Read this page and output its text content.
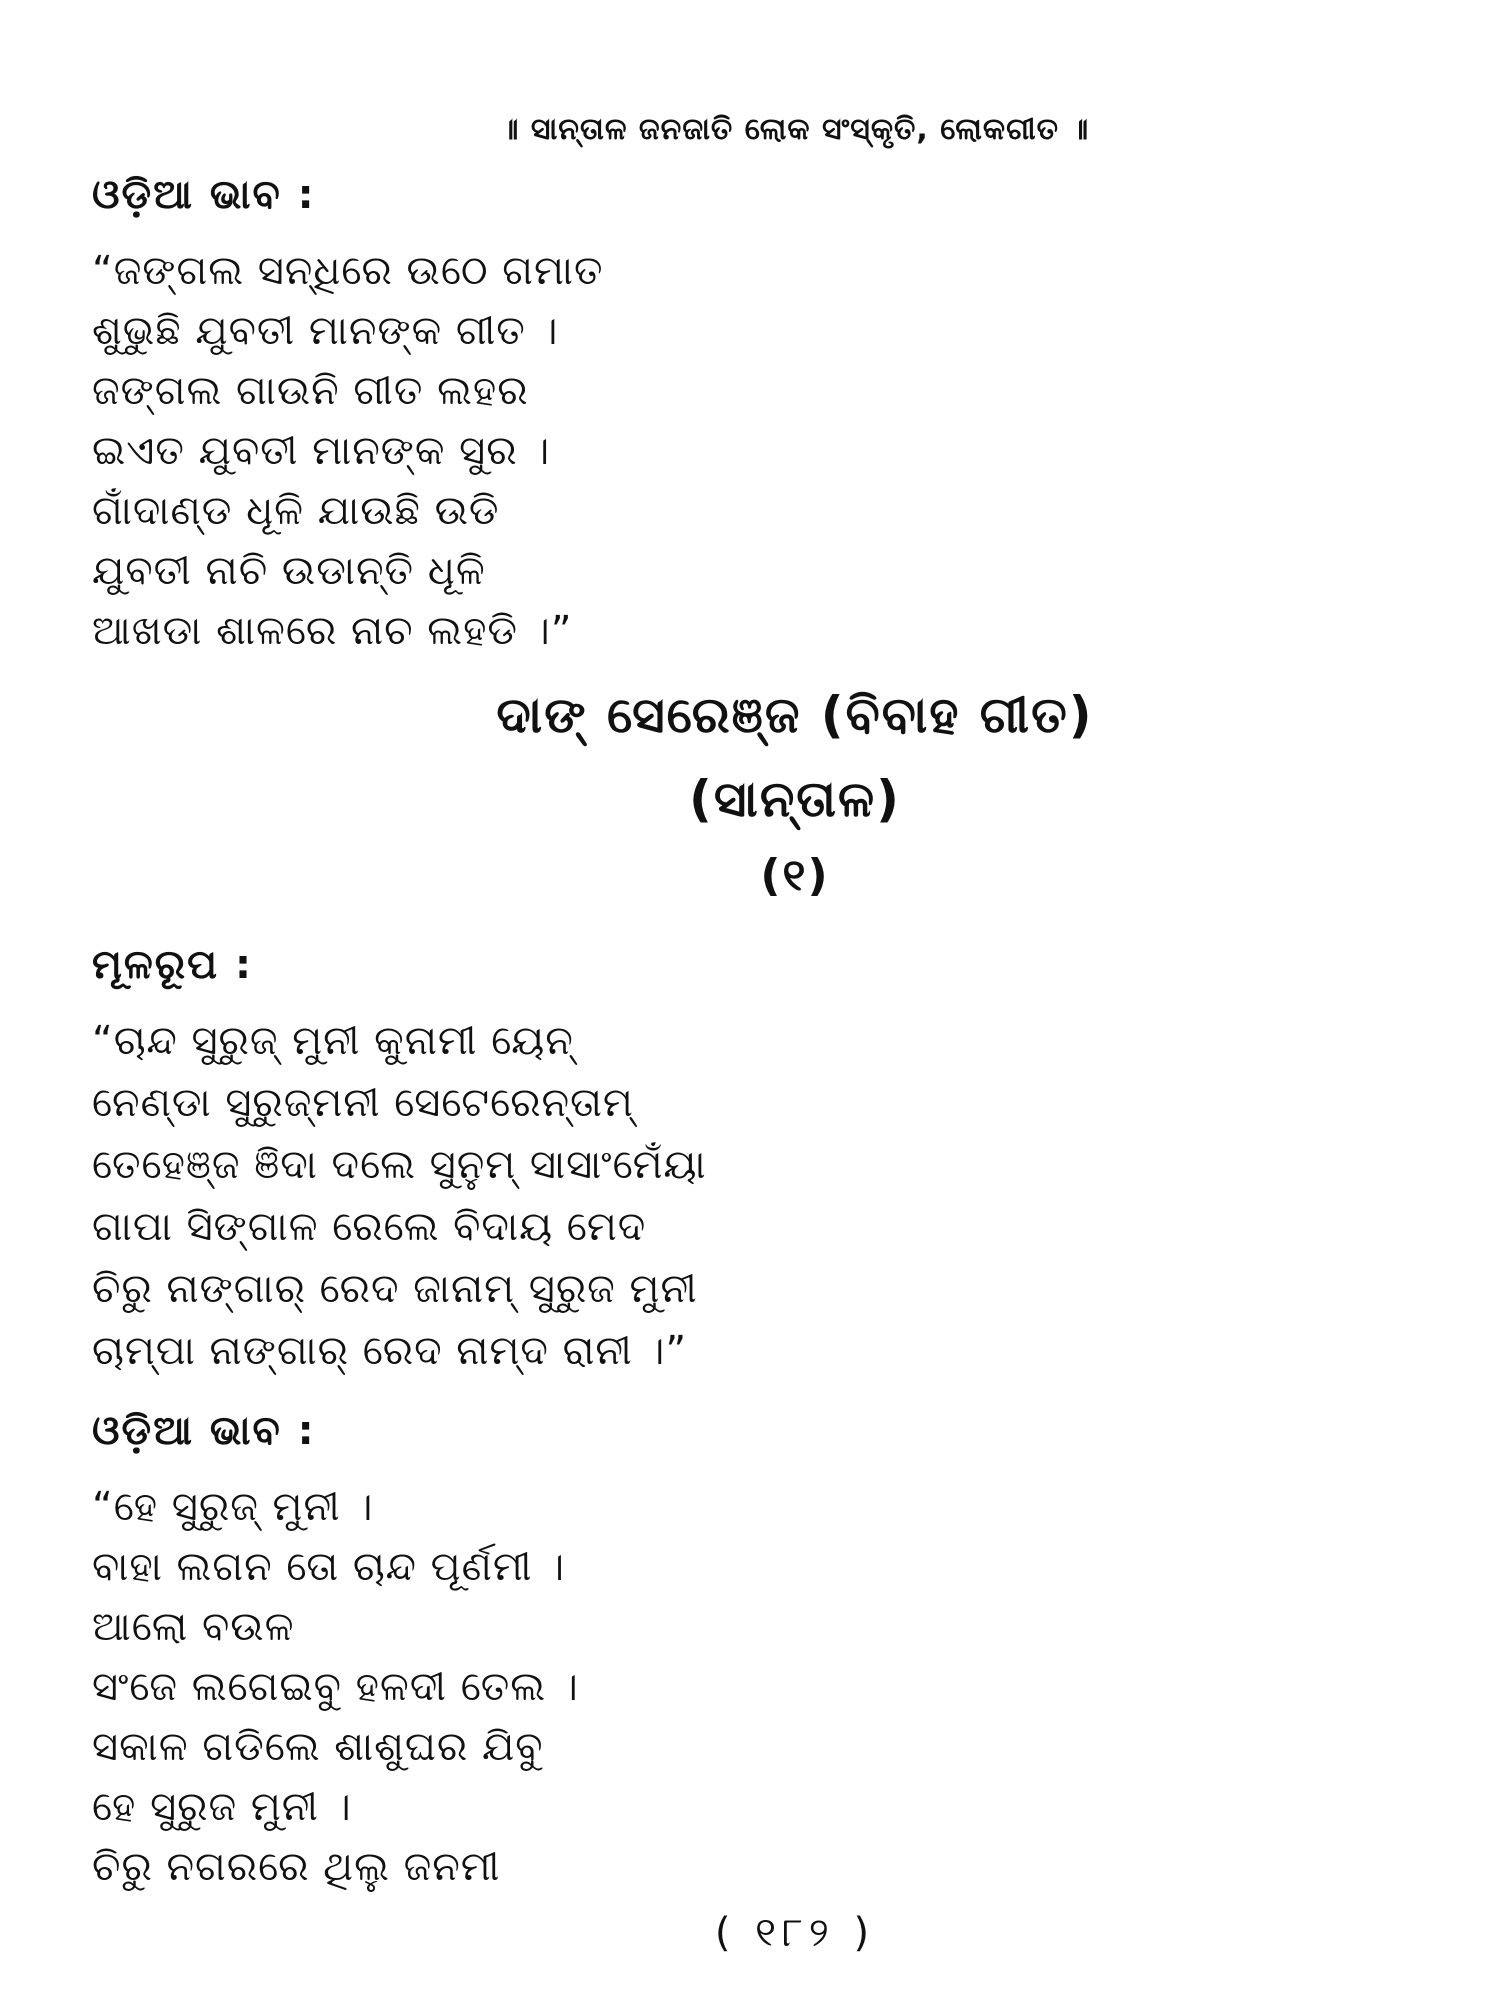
॥ ସାନ୍ତାଳ ଜନଜାତି ଲୋକ ସଂସ୍କୃତି, ଲୋକଗୀତ ॥
ଓଡ଼ିଆ ଭାବ :
“ଜଙ୍ଗଲ ସନ୍ଧିରେ ଉଠେ ଗମାତ
ଶୁଭୁଛି ଯୁବତୀ ମାନଙ୍କ ଗୀତ ।
ଜଙ୍ଗଲ ଗାଉନି ଗୀତ ଲହର
ଇଏତ ଯୁବତୀ ମାନଙ୍କ ସୁର ।
ଗାଁଦାଣ୍ଡ ଧୂଳି ଯାଉଛି ଉଡି
ଯୁବତୀ ନାଚି ଉଡାନ୍ତି ଧୂଳି
ଆଖଡା ଶାଳରେ ନାଚ ଲହଡି ।”
ଦାଙ୍ ସେରେଞ୍ଜ (ବିବାହ ଗୀତ)
(ସାନ୍ତାଳ)
(୧)
ମୂଳରୂପ :
“ଚାନ୍ଦ ସୁରୁଜ୍ ମୁନୀ କୁନାମୀ ୟେନ୍
ନେଣ୍ଡା ସୁରୁଜ୍ମନୀ ସେଟେରେନ୍ତାମ୍
ତେହେଞ୍ଜ ଞିଦା ଦଲେ ସୁନୁମ୍ ସାସାଂମେଁୟା
ଗାପା ସିଙ୍ଗାଳ ରେଲେ ବିଦାୟ ମେଦ
ଚିରୁ ନାଙ୍ଗାର୍ ରେଦ ଜାନାମ୍ ସୁରୁଜ ମୁନୀ
ଚାମ୍ପା ନାଙ୍ଗାର୍ ରେଦ ନାମ୍ଦ ରାନୀ ।”
ଓଡ଼ିଆ ଭାବ :
“ହେ ସୁରୁଜ୍ ମୁନୀ ।
ବାହା ଲଗନ ତୋ ଚାନ୍ଦ ପୂର୍ଣମୀ ।
ଆଲୋ ବଉଳ
ସଂଜେ ଲଗେଇବୁ ହଳଦୀ ତେଲ ।
ସକାଳ ଗଡିଲେ ଶାଶୁଘର ଯିବୁ
ହେ ସୁରୁଜ ମୁନୀ ।
ଚିରୁ ନଗରରେ ଥିଲୁ ଜନମୀ
( ୧୮୨ )
